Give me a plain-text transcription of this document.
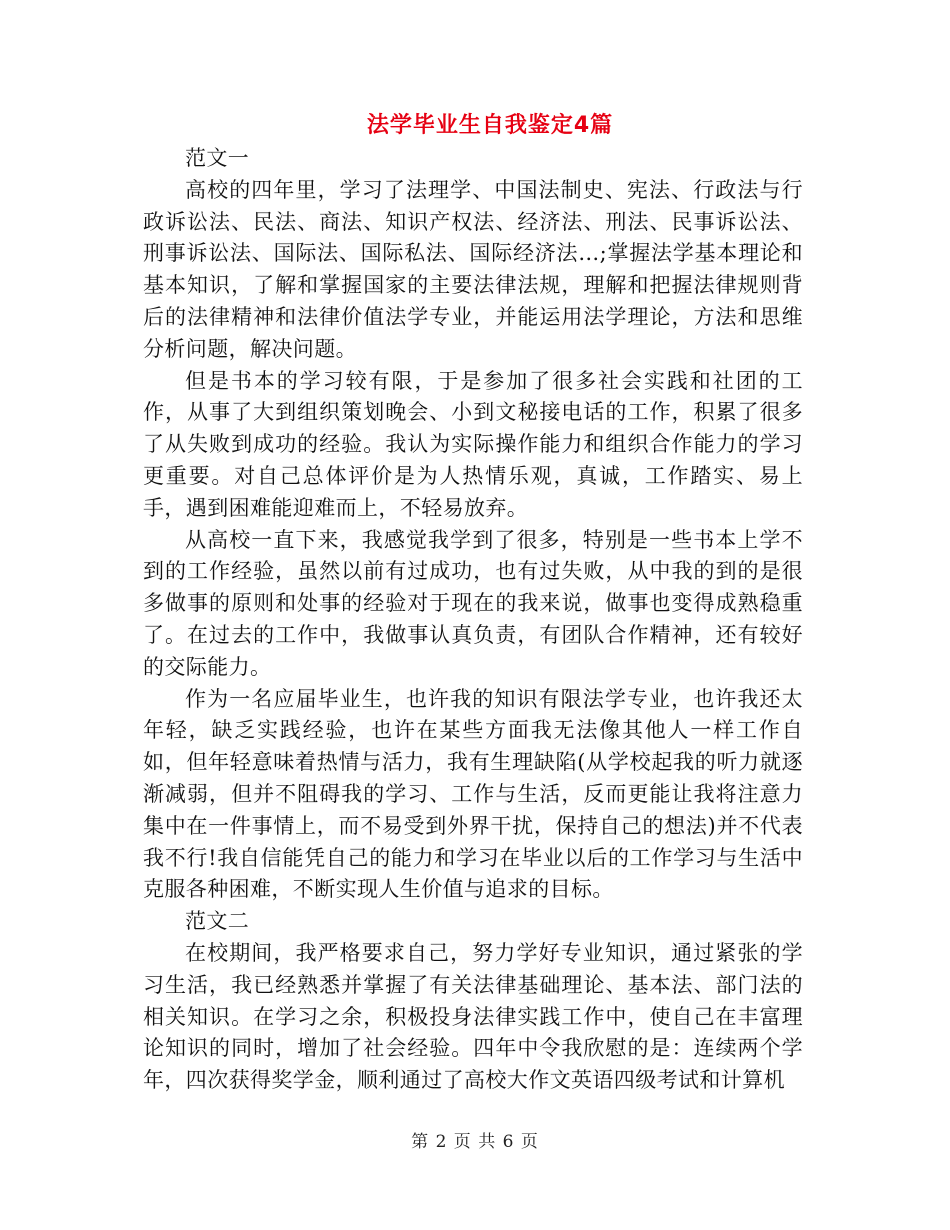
法学毕业生自我鉴定4篇

范文一

高校的四年里，学习了法理学、中国法制史、宪法、行政法与行政诉讼法、民法、商法、知识产权法、经济法、刑法、民事诉讼法、刑事诉讼法、国际法、国际私法、国际经济法…;掌握法学基本理论和基本知识，了解和掌握国家的主要法律法规，理解和把握法律规则背后的法律精神和法律价值法学专业，并能运用法学理论，方法和思维分析问题，解决问题。

但是书本的学习较有限，于是参加了很多社会实践和社团的工作，从事了大到组织策划晚会、小到文秘接电话的工作，积累了很多了从失败到成功的经验。我认为实际操作能力和组织合作能力的学习更重要。对自己总体评价是为人热情乐观，真诚，工作踏实、易上手，遇到困难能迎难而上，不轻易放弃。

从高校一直下来，我感觉我学到了很多，特别是一些书本上学不到的工作经验，虽然以前有过成功，也有过失败，从中我的到的是很多做事的原则和处事的经验对于现在的我来说，做事也变得成熟稳重了。在过去的工作中，我做事认真负责，有团队合作精神，还有较好的交际能力。

作为一名应届毕业生，也许我的知识有限法学专业，也许我还太年轻，缺乏实践经验，也许在某些方面我无法像其他人一样工作自如，但年轻意味着热情与活力，我有生理缺陷(从学校起我的听力就逐渐减弱，但并不阻碍我的学习、工作与生活，反而更能让我将注意力集中在一件事情上，而不易受到外界干扰，保持自己的想法)并不代表我不行!我自信能凭自己的能力和学习在毕业以后的工作学习与生活中克服各种困难，不断实现人生价值与追求的目标。

范文二

在校期间，我严格要求自己，努力学好专业知识，通过紧张的学习生活，我已经熟悉并掌握了有关法律基础理论、基本法、部门法的相关知识。在学习之余，积极投身法律实践工作中，使自己在丰富理论知识的同时，增加了社会经验。四年中令我欣慰的是：连续两个学年，四次获得奖学金，顺利通过了高校大作文英语四级考试和计算机

第 2 页 共 6 页
